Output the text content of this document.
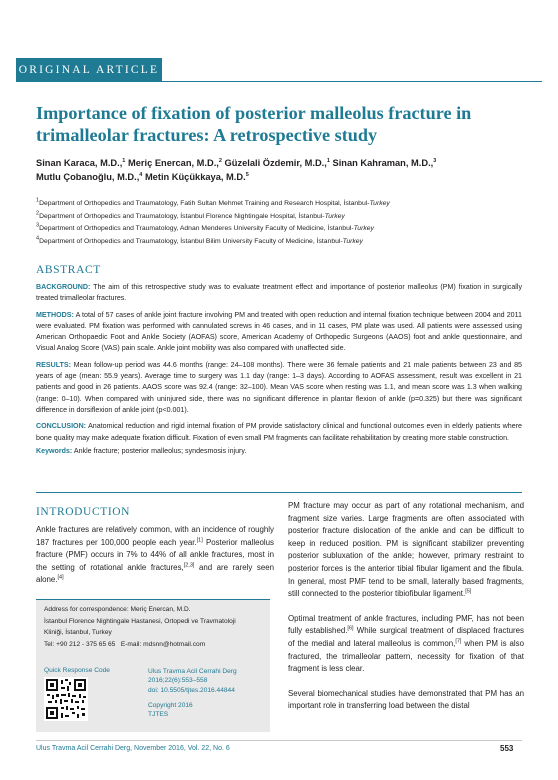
ORIGINAL ARTICLE
Importance of fixation of posterior malleolus fracture in trimalleolar fractures: A retrospective study
Sinan Karaca, M.D.,$^1$ Meriç Enercan, M.D.,$^2$ Güzelali Özdemir, M.D.,$^1$ Sinan Kahraman, M.D.,$^3$
Mutlu Çobanoğlu, M.D.,$^4$ Metin Küçükkaya, M.D.$^5$
$^1$Department of Orthopedics and Traumatology, Fatih Sultan Mehmet Training and Research Hospital, İstanbul-Turkey
$^2$Department of Orthopedics and Traumatology, İstanbul Florence Nightingale Hospital, İstanbul-Turkey
$^3$Department of Orthopedics and Traumatology, Adnan Menderes University Faculty of Medicine, İstanbul-Turkey
$^4$Department of Orthopedics and Traumatology, İstanbul Bilim University Faculty of Medicine, İstanbul-Turkey
ABSTRACT

BACKGROUND: The aim of this retrospective study was to evaluate treatment effect and importance of posterior malleolus (PM) fixation in surgically treated trimalleolar fractures.

METHODS: A total of 57 cases of ankle joint fracture involving PM and treated with open reduction and internal fixation technique between 2004 and 2011 were evaluated. PM fixation was performed with cannulated screws in 46 cases, and in 11 cases, PM plate was used. All patients were assessed using American Orthopaedic Foot and Ankle Society (AOFAS) score, American Academy of Orthopedic Surgeons (AAOS) foot and ankle questionnaire, and Visual Analog Score (VAS) pain scale. Ankle joint mobility was also compared with unaffected side.

RESULTS: Mean follow-up period was 44.6 months (range: 24–108 months). There were 36 female patients and 21 male patients between 23 and 85 years of age (mean: 55.9 years). Average time to surgery was 1.1 day (range: 1–3 days). According to AOFAS assessment, result was excellent in 21 patients and good in 26 patients. AAOS score was 92.4 (range: 32–100). Mean VAS score when resting was 1.1, and mean score was 1.3 when walking (range: 0–10). When compared with uninjured side, there was no significant difference in plantar flexion of ankle (p=0.325) but there was significant difference in dorsiflexion of ankle joint (p<0.001).

CONCLUSION: Anatomical reduction and rigid internal fixation of PM provide satisfactory clinical and functional outcomes even in elderly patients where bone quality may make adequate fixation difficult. Fixation of even small PM fragments can facilitate rehabilitation by creating more stable construction.

Keywords: Ankle fracture; posterior malleolus; syndesmosis injury.

INTRODUCTION
Ankle fractures are relatively common, with an incidence of roughly 187 fractures per 100,000 people each year.[1] Posterior malleolus fracture (PMF) occurs in 7% to 44% of all ankle fractures, most in the setting of rotational ankle fractures,[2,3] and are rarely seen alone.[4]
Address for correspondence: Meriç Enercan, M.D.
İstanbul Florence Nightingale Hastanesi, Ortopedi ve Travmatoloji
Kliniği, İstanbul, Turkey
Tel: +90 212 - 375 65 65 E-mail: mdsnn@hotmail.com
Quick Response Code	Ulus Travma Acil Cerrahi Derg
2016;22(6):553–558
doi: 10.5505/tjtes.2016.44844
Copyright 2016
TJTES

PM fracture may occur as part of any rotational mechanism, and fragment size varies. Large fragments are often associated with posterior fracture dislocation of the ankle and can be difficult to keep in reduced position. PM is significant stabilizer preventing posterior subluxation of the ankle; however, primary restraint to posterior forces is the anterior tibial fibular ligament and the fibula. In general, most PMF tend to be small, laterally based fragments, still connected to the posterior tibiofibular ligament.[5]

Optimal treatment of ankle fractures, including PMF, has not been fully established.[6] While surgical treatment of displaced fractures of the medial and lateral malleolus is common,[7] when PM is also fractured, the trimalleolar pattern, necessity for fixation of that fragment is less clear.

Several biomechanical studies have demonstrated that PM has an important role in transferring load between the distal

Ulus Travma Acil Cerrahi Derg, November 2016, Vol. 22, No. 6	553
